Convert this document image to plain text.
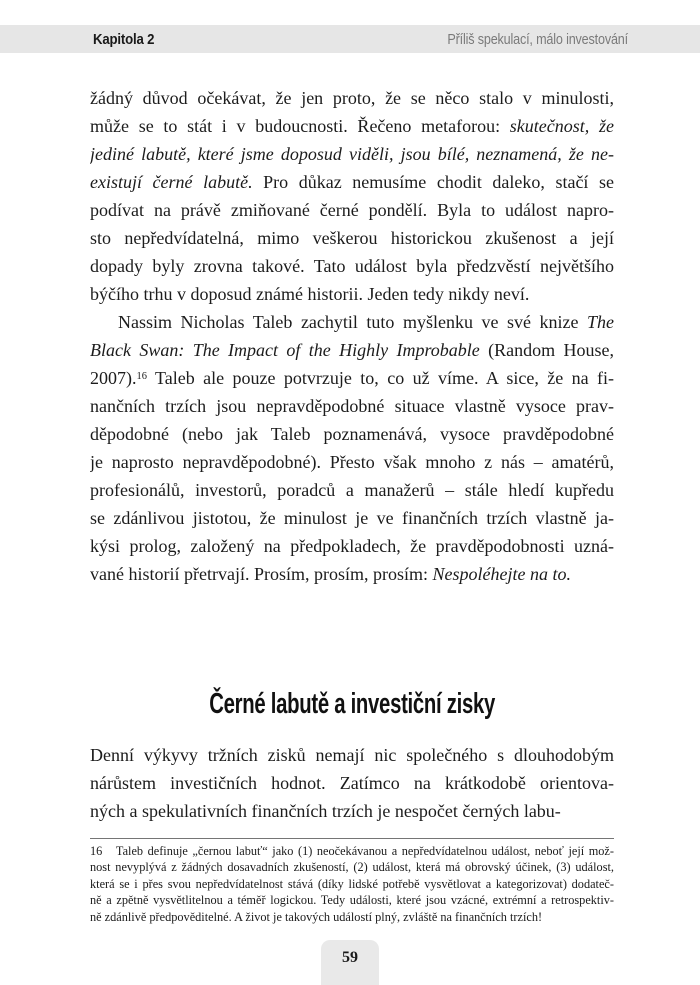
Kapitola 2	Příliš spekulací, málo investování
žádný důvod očekávat, že jen proto, že se něco stalo v minulosti,
může se to stát i v budoucnosti. Řečeno metaforou: skutečnost, že
jediné labutě, které jsme doposud viděli, jsou bílé, neznamená, že ne-
existují černé labutě. Pro důkaz nemusíme chodit daleko, stačí se
podívat na právě zmiňované černé pondělí. Byla to událost napro-
sto nepředvídatelná, mimo veškerou historickou zkušenost a její
dopady byly zrovna takové. Tato událost byla předzvěstí největšího
býčího trhu v doposud známé historii. Jeden tedy nikdy neví.
Nassim Nicholas Taleb zachytil tuto myšlenku ve své knize The
Black Swan: The Impact of the Highly Improbable (Random House,
2007).$^{16}$ Taleb ale pouze potvrzuje to, co už víme. A sice, že na fi-
nančních trzích jsou nepravděpodobné situace vlastně vysoce prav-
děpodobné (nebo jak Taleb poznamenává, vysoce pravděpodobné
je naprosto nepravděpodobné). Přesto však mnoho z nás – amatérů,
profesionálů, investorů, poradců a manažerů – stále hledí kupředu
se zdánlivou jistotou, že minulost je ve finančních trzích vlastně ja-
kýsi prolog, založený na předpokladech, že pravděpodobnosti uzná-
vané historií přetrvají. Prosím, prosím, prosím: Nespoléhejte na to.
Černé labutě a investiční zisky
Denní výkyvy tržních zisků nemají nic společného s dlouhodobým
nárůstem investičních hodnot. Zatímco na krátkodobě orientova-
ných a spekulativních finančních trzích je nespočet černých labu-
16   Taleb definuje „černou labuť“ jako (1) neočekávanou a nepředvídatelnou událost, neboť její mož-
nost nevyplývá z žádných dosavadních zkušeností, (2) událost, která má obrovský účinek, (3) událost,
která se i přes svou nepředvídatelnost stává (díky lidské potřebě vysvětlovat a kategorizovat) dodateč-
ně a zpětně vysvětlitelnou a téměř logickou. Tedy události, které jsou vzácné, extrémní a retrospektiv-
ně zdánlivě předpověditelné. A život je takových událostí plný, zvláště na finančních trzích!
59
